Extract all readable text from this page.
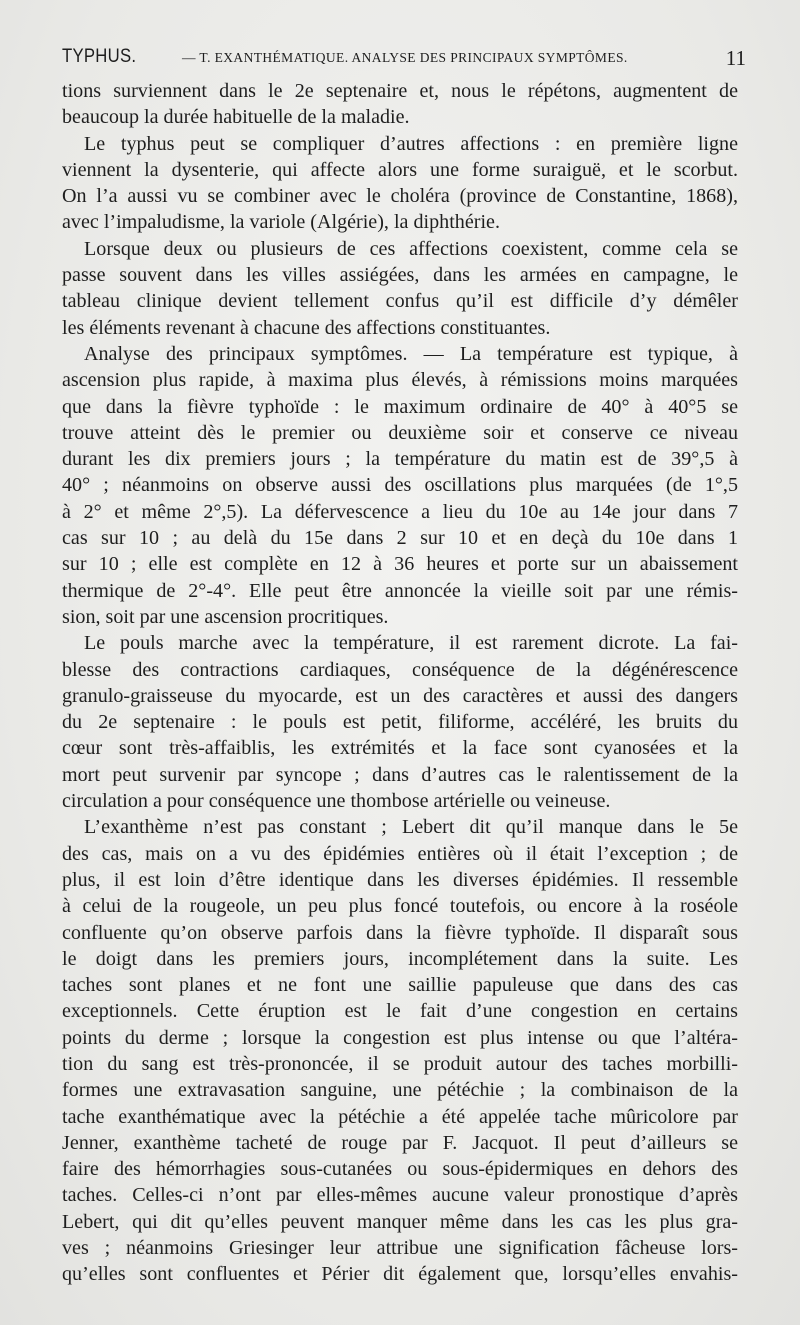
TYPHUS.	— T. EXANTHÉMATIQUE. ANALYSE DES PRINCIPAUX SYMPTÔMES.	11
tions surviennent dans le 2e septenaire et, nous le répétons, augmentent de
beaucoup la durée habituelle de la maladie.
Le typhus peut se compliquer d’autres affections : en première ligne
viennent la dysenterie, qui affecte alors une forme suraiguë, et le scorbut.
On l’a aussi vu se combiner avec le choléra (province de Constantine, 1868),
avec l’impaludisme, la variole (Algérie), la diphthérie.
Lorsque deux ou plusieurs de ces affections coexistent, comme cela se
passe souvent dans les villes assiégées, dans les armées en campagne, le
tableau clinique devient tellement confus qu’il est difficile d’y démêler
les éléments revenant à chacune des affections constituantes.
Analyse des principaux symptômes. — La température est typique, à
ascension plus rapide, à maxima plus élevés, à rémissions moins marquées
que dans la fièvre typhoïde : le maximum ordinaire de 40° à 40°5 se
trouve atteint dès le premier ou deuxième soir et conserve ce niveau
durant les dix premiers jours ; la température du matin est de 39°,5 à
40° ; néanmoins on observe aussi des oscillations plus marquées (de 1°,5
à 2° et même 2°,5). La défervescence a lieu du 10e au 14e jour dans 7
cas sur 10 ; au delà du 15e dans 2 sur 10 et en deçà du 10e dans 1
sur 10 ; elle est complète en 12 à 36 heures et porte sur un abaissement
thermique de 2°-4°. Elle peut être annoncée la vieille soit par une rémis-
sion, soit par une ascension procritiques.
Le pouls marche avec la température, il est rarement dicrote. La fai-
blesse des contractions cardiaques, conséquence de la dégénérescence
granulo-graisseuse du myocarde, est un des caractères et aussi des dangers
du 2e septenaire : le pouls est petit, filiforme, accéléré, les bruits du
cœur sont très-affaiblis, les extrémités et la face sont cyanosées et la
mort peut survenir par syncope ; dans d’autres cas le ralentissement de la
circulation a pour conséquence une thombose artérielle ou veineuse.
L’exanthème n’est pas constant ; Lebert dit qu’il manque dans le 5e
des cas, mais on a vu des épidémies entières où il était l’exception ; de
plus, il est loin d’être identique dans les diverses épidémies. Il ressemble
à celui de la rougeole, un peu plus foncé toutefois, ou encore à la roséole
confluente qu’on observe parfois dans la fièvre typhoïde. Il disparaît sous
le doigt dans les premiers jours, incomplétement dans la suite. Les
taches sont planes et ne font une saillie papuleuse que dans des cas
exceptionnels. Cette éruption est le fait d’une congestion en certains
points du derme ; lorsque la congestion est plus intense ou que l’altéra-
tion du sang est très-prononcée, il se produit autour des taches morbilli-
formes une extravasation sanguine, une pétéchie ; la combinaison de la
tache exanthématique avec la pétéchie a été appelée tache mûricolore par
Jenner, exanthème tacheté de rouge par F. Jacquot. Il peut d’ailleurs se
faire des hémorrhagies sous-cutanées ou sous-épidermiques en dehors des
taches. Celles-ci n’ont par elles-mêmes aucune valeur pronostique d’après
Lebert, qui dit qu’elles peuvent manquer même dans les cas les plus gra-
ves ; néanmoins Griesinger leur attribue une signification fâcheuse lors-
qu’elles sont confluentes et Périer dit également que, lorsqu’elles envahis-
